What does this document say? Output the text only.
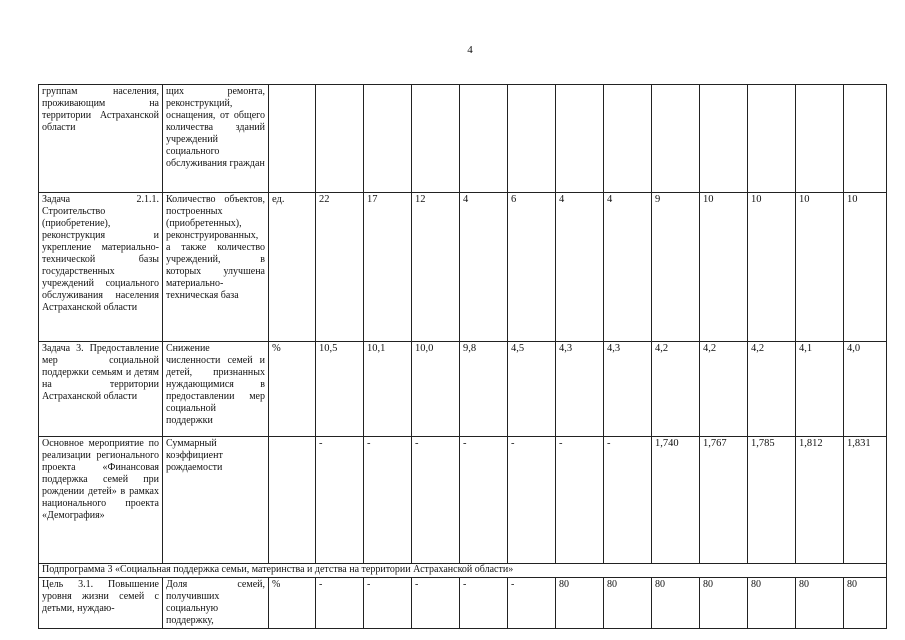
4
группам населения, проживающим на территории Астраханской области	щих ремонта, реконструкций, оснащения, от общего количества зданий учреждений социального обслуживания граждан													
Задача 2.1.1. Строительство (приобретение), реконструкция и укрепление материально-технической базы государственных учреждений социального обслуживания населения Астраханской области	Количество объектов, построенных (приобретенных), реконструированных, а также количество учреждений, в которых улучшена материально-техническая база	ед.	22	17	12	4	6	4	4	9	10	10	10	10
Задача 3. Предоставление мер социальной поддержки семьям и детям на территории Астраханской области	Снижение численности семей и детей, признанных нуждающимися в предоставлении мер социальной поддержки	%	10,5	10,1	10,0	9,8	4,5	4,3	4,3	4,2	4,2	4,2	4,1	4,0
Основное мероприятие по реализации регионального проекта «Финансовая поддержка семей при рождении детей» в рамках национального проекта «Демография»	Суммарный коэффициент рождаемости		-	-	-	-	-	-	-	1,740	1,767	1,785	1,812	1,831
Подпрограмма 3 «Социальная поддержка семьи, материнства и детства на территории Астраханской области»														
Цель 3.1. Повышение уровня жизни семей с детьми, нуждаю-	Доля семей, получивших социальную поддержку,	%	-	-	-	-	-	80	80	80	80	80	80	80
